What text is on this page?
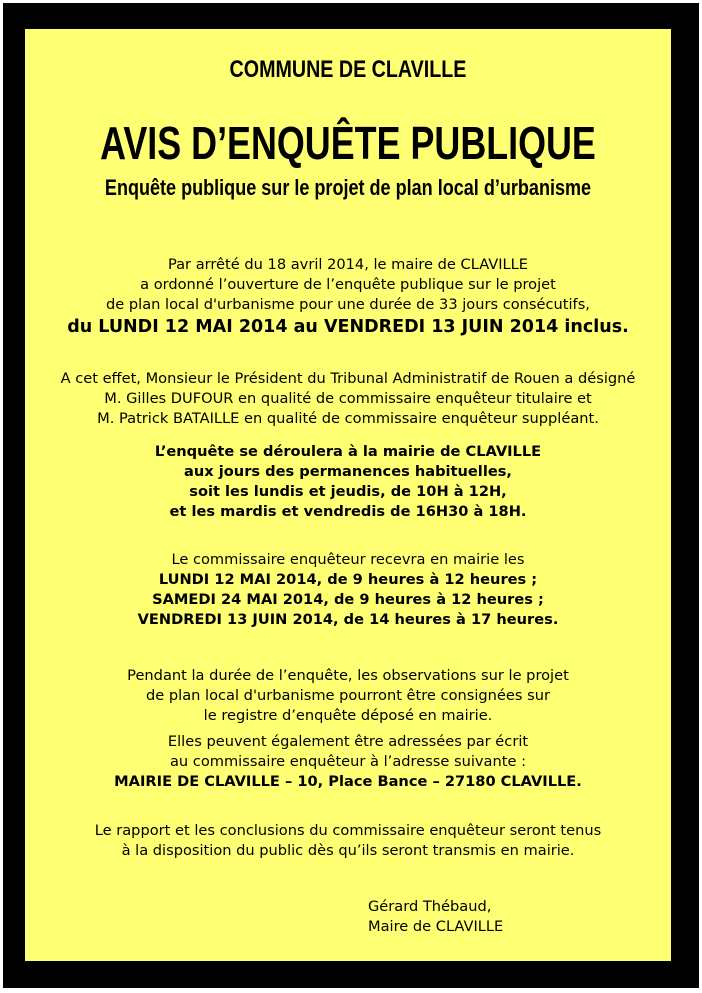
COMMUNE DE CLAVILLE
AVIS D’ENQUÊTE PUBLIQUE
Enquête publique sur le projet de plan local d’urbanisme
Par arrêté du 18 avril 2014, le maire de CLAVILLE
a ordonné l’ouverture de l’enquête publique sur le projet
de plan local d'urbanisme pour une durée de 33 jours consécutifs,
du LUNDI 12 MAI 2014 au VENDREDI 13 JUIN 2014 inclus.
A cet effet, Monsieur le Président du Tribunal Administratif de Rouen a désigné
M. Gilles DUFOUR en qualité de commissaire enquêteur titulaire et
M. Patrick BATAILLE en qualité de commissaire enquêteur suppléant.
L’enquête se déroulera à la mairie de CLAVILLE
aux jours des permanences habituelles,
soit les lundis et jeudis, de 10H à 12H,
et les mardis et vendredis de 16H30 à 18H.
Le commissaire enquêteur recevra en mairie les
LUNDI 12 MAI 2014, de 9 heures à 12 heures ;
SAMEDI 24 MAI 2014, de 9 heures à 12 heures ;
VENDREDI 13 JUIN 2014, de 14 heures à 17 heures.
Pendant la durée de l’enquête, les observations sur le projet
de plan local d'urbanisme pourront être consignées sur
le registre d’enquête déposé en mairie.
Elles peuvent également être adressées par écrit
au commissaire enquêteur à l’adresse suivante :
MAIRIE DE CLAVILLE – 10, Place Bance – 27180 CLAVILLE.
Le rapport et les conclusions du commissaire enquêteur seront tenus
à la disposition du public dès qu’ils seront transmis en mairie.
Gérard Thébaud,
Maire de CLAVILLE
